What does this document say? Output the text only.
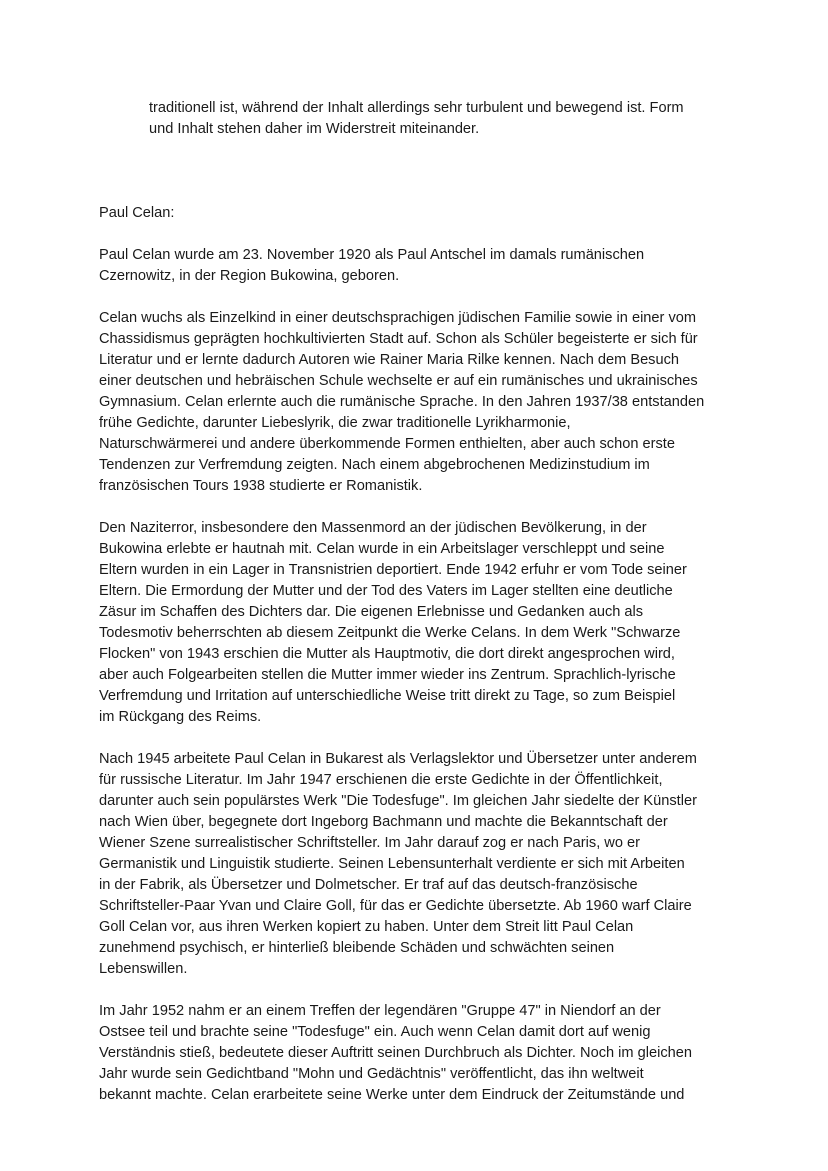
traditionell ist, während der Inhalt allerdings sehr turbulent und bewegend ist. Form
und Inhalt stehen daher im Widerstreit miteinander.

Paul Celan:

Paul Celan wurde am 23. November 1920 als Paul Antschel im damals rumänischen
Czernowitz, in der Region Bukowina, geboren.

Celan wuchs als Einzelkind in einer deutschsprachigen jüdischen Familie sowie in einer vom
Chassidismus geprägten hochkultivierten Stadt auf. Schon als Schüler begeisterte er sich für
Literatur und er lernte dadurch Autoren wie Rainer Maria Rilke kennen. Nach dem Besuch
einer deutschen und hebräischen Schule wechselte er auf ein rumänisches und ukrainisches
Gymnasium. Celan erlernte auch die rumänische Sprache. In den Jahren 1937/38 entstanden
frühe Gedichte, darunter Liebeslyrik, die zwar traditionelle Lyrikharmonie,
Naturschwärmerei und andere überkommende Formen enthielten, aber auch schon erste
Tendenzen zur Verfremdung zeigten. Nach einem abgebrochenen Medizinstudium im
französischen Tours 1938 studierte er Romanistik.

Den Naziterror, insbesondere den Massenmord an der jüdischen Bevölkerung, in der
Bukowina erlebte er hautnah mit. Celan wurde in ein Arbeitslager verschleppt und seine
Eltern wurden in ein Lager in Transnistrien deportiert. Ende 1942 erfuhr er vom Tode seiner
Eltern. Die Ermordung der Mutter und der Tod des Vaters im Lager stellten eine deutliche
Zäsur im Schaffen des Dichters dar. Die eigenen Erlebnisse und Gedanken auch als
Todesmotiv beherrschten ab diesem Zeitpunkt die Werke Celans. In dem Werk "Schwarze
Flocken" von 1943 erschien die Mutter als Hauptmotiv, die dort direkt angesprochen wird,
aber auch Folgearbeiten stellen die Mutter immer wieder ins Zentrum. Sprachlich-lyrische
Verfremdung und Irritation auf unterschiedliche Weise tritt direkt zu Tage, so zum Beispiel
im Rückgang des Reims.

Nach 1945 arbeitete Paul Celan in Bukarest als Verlagslektor und Übersetzer unter anderem
für russische Literatur. Im Jahr 1947 erschienen die erste Gedichte in der Öffentlichkeit,
darunter auch sein populärstes Werk "Die Todesfuge". Im gleichen Jahr siedelte der Künstler
nach Wien über, begegnete dort Ingeborg Bachmann und machte die Bekanntschaft der
Wiener Szene surrealistischer Schriftsteller. Im Jahr darauf zog er nach Paris, wo er
Germanistik und Linguistik studierte. Seinen Lebensunterhalt verdiente er sich mit Arbeiten
in der Fabrik, als Übersetzer und Dolmetscher. Er traf auf das deutsch-französische
Schriftsteller-Paar Yvan und Claire Goll, für das er Gedichte übersetzte. Ab 1960 warf Claire
Goll Celan vor, aus ihren Werken kopiert zu haben. Unter dem Streit litt Paul Celan
zunehmend psychisch, er hinterließ bleibende Schäden und schwächten seinen
Lebenswillen.

Im Jahr 1952 nahm er an einem Treffen der legendären "Gruppe 47" in Niendorf an der
Ostsee teil und brachte seine "Todesfuge" ein. Auch wenn Celan damit dort auf wenig
Verständnis stieß, bedeutete dieser Auftritt seinen Durchbruch als Dichter. Noch im gleichen
Jahr wurde sein Gedichtband "Mohn und Gedächtnis" veröffentlicht, das ihn weltweit
bekannt machte. Celan erarbeitete seine Werke unter dem Eindruck der Zeitumstände und
